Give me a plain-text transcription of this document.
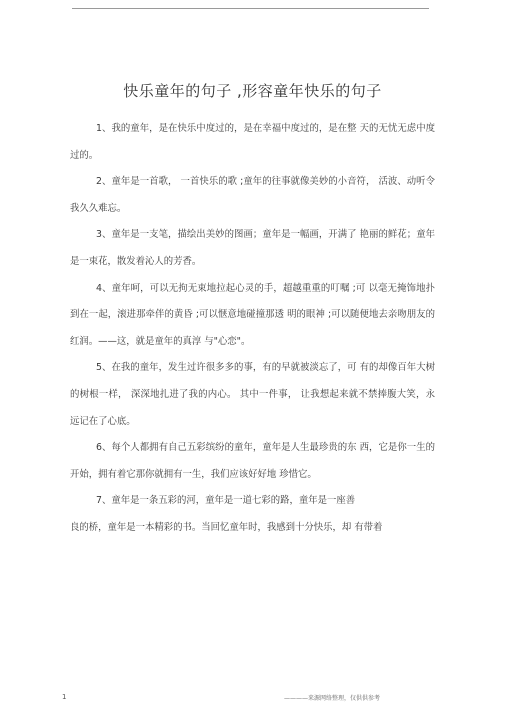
快乐童年的句子 ,形容童年快乐的句子

1、我的童年，是在快乐中度过的，是在幸福中度过的，是在整 天的无忧无虑中度过的。

2、童年是一首歌， 一首快乐的歌 ;童年的往事就像美妙的小音符， 活波、动听令我久久难忘。

3、童年是一支笔，描绘出美妙的图画；童年是一幅画，开满了 艳丽的鲜花；童年是一束花，散发着沁人的芳香。

4、童年呵，可以无拘无束地拉起心灵的手，超越重重的叮嘱 ;可 以毫无掩饰地扑到在一起，滚进那牵伴的黄昏 ;可以惬意地碰撞那透 明的眼神 ;可以随便地去亲吻朋友的红润。——这，就是童年的真淳 与"心恋"。

5、在我的童年，发生过许很多多的事，有的早就被淡忘了，可 有的却像百年大树的树根一样， 深深地扎进了我的内心。 其中一件事， 让我想起来就不禁捧腹大笑，永远记在了心底。

6、每个人都拥有自己五彩缤纷的童年，童年是人生最珍贵的东 西，它是你一生的开始，拥有着它那你就拥有一生，我们应该好好地 珍惜它。

7、童年是一条五彩的河，童年是一道七彩的路，童年是一座善

良的桥，童年是一本精彩的书。当回忆童年时，我感到十分快乐，却 有带着

1	————来源网络整理，仅供供参考
